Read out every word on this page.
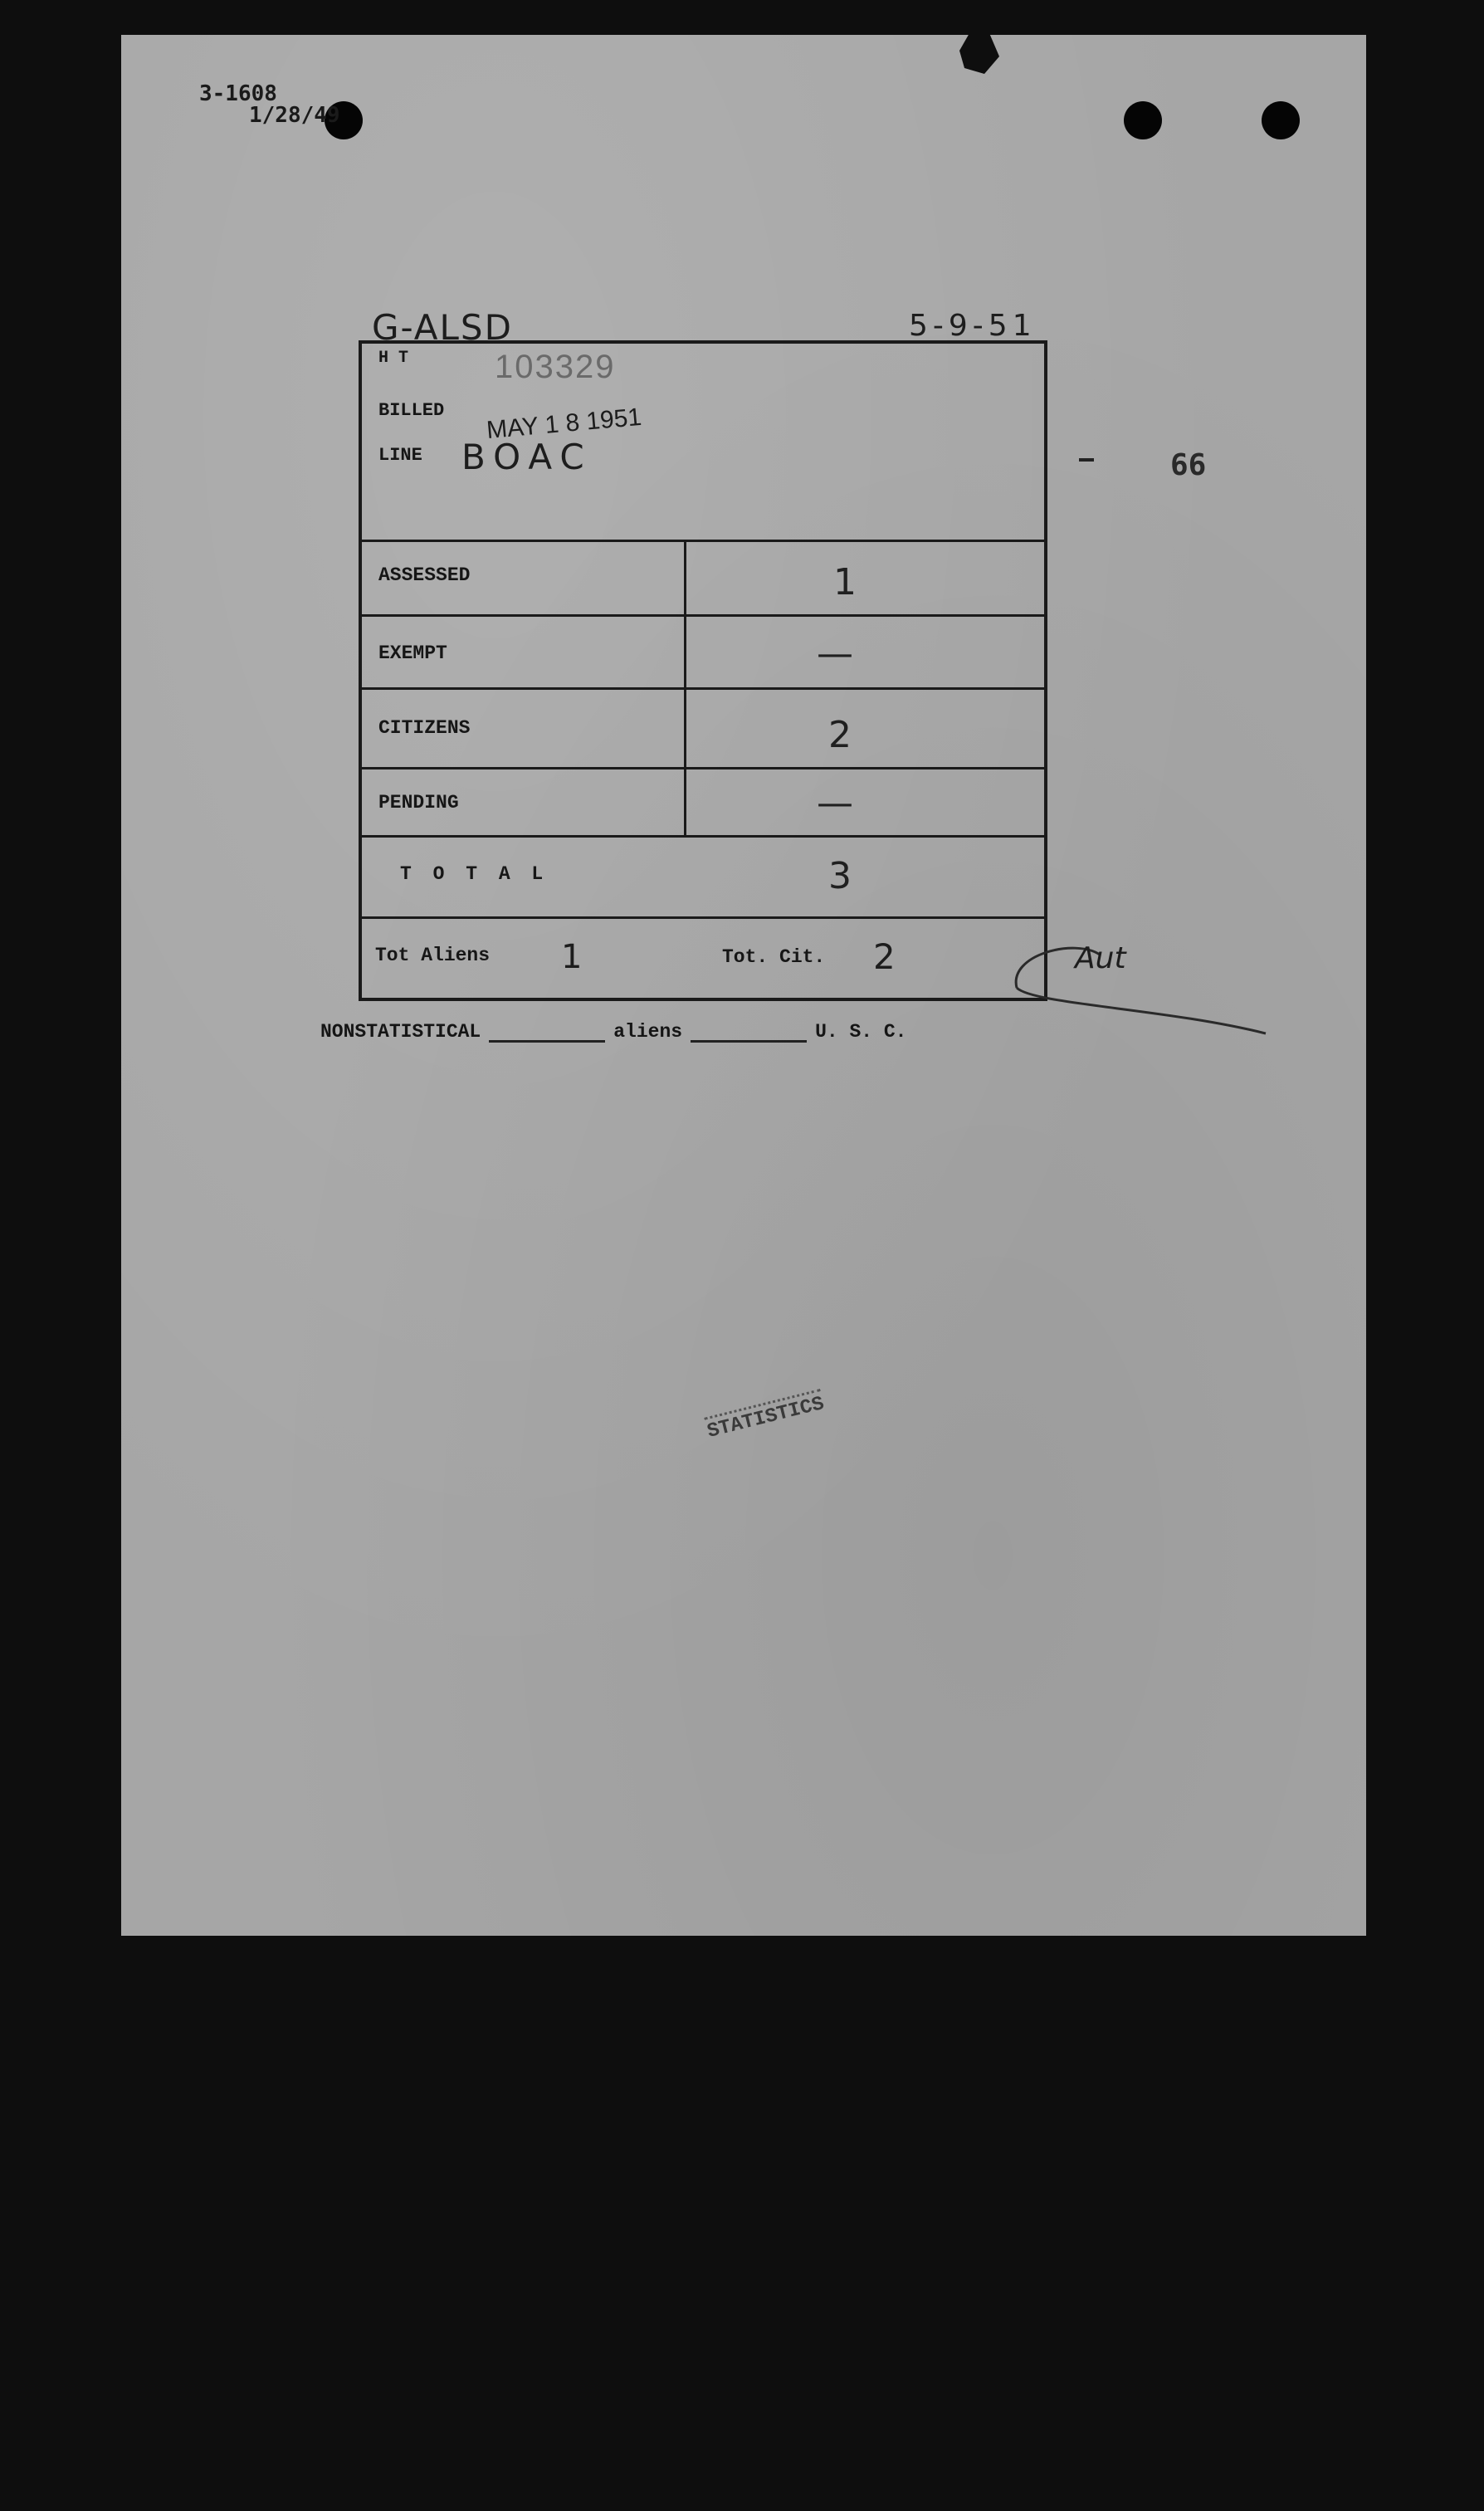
3-1608
1/28/49
G-ALSD	5-9-51
66
H T	103329
BILLED MAY 1 8 1951
LINE BOAC
ASSESSED	1
EXEMPT	—
CITIZENS	2
PENDING	—
T O T A L	3
Tot Aliens 1	Tot. Cit. 2	Aut
NONSTATISTICAL	aliens	U. S. C.
STATISTICS
